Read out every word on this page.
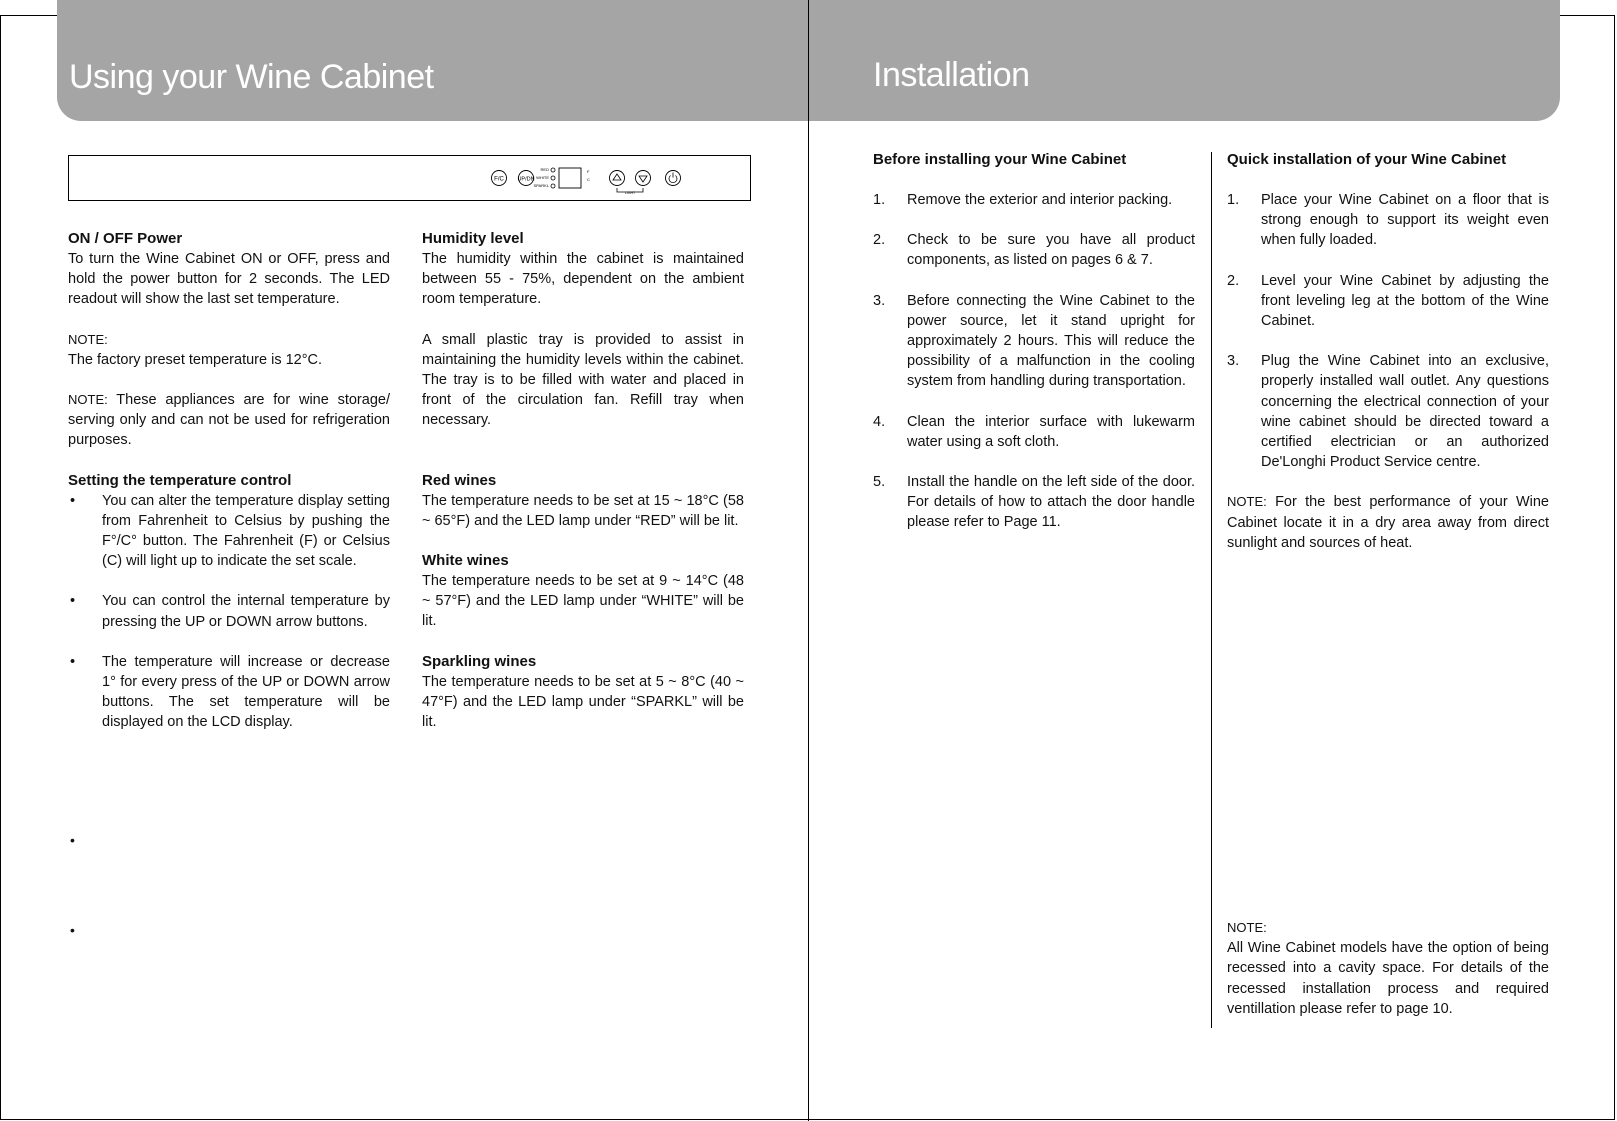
Using your Wine Cabinet
F/C UP/DN
RED
WHITE
SPARKL
F
C
LIGHT
ON / OFF Power

To turn the Wine Cabinet ON or OFF, press and hold the power button for 2 seconds. The LED readout will show the last set temperature.

NOTE:

The factory preset temperature is 12°C.

NOTE: These appliances are for wine storage/ serving only and can not be used for refrigeration purposes.

Setting the temperature control
• You can alter the temperature display setting from Fahrenheit to Celsius by pushing the F°/C° button. The Fahrenheit (F) or Celsius (C) will light up to indicate the set scale.
• You can control the internal temperature by pressing the UP or DOWN arrow buttons.
• The temperature will increase or decrease 1° for every press of the UP or DOWN arrow buttons. The set temperature will be displayed on the LCD display.
•
•
Humidity level

The humidity within the cabinet is maintained between 55 - 75%, dependent on the ambient room temperature.

A small plastic tray is provided to assist in maintaining the humidity levels within the cabinet. The tray is to be filled with water and placed in front of the circulation fan. Refill tray when necessary.

Red wines

The temperature needs to be set at 15 ~ 18°C (58 ~ 65°F) and the LED lamp under “RED” will be lit.

White wines

The temperature needs to be set at 9 ~ 14°C (48 ~ 57°F) and the LED lamp under “WHITE” will be lit.

Sparkling wines

The temperature needs to be set at 5 ~ 8°C (40 ~ 47°F) and the LED lamp under “SPARKL” will be lit.

Installation
Before installing your Wine Cabinet
1. Remove the exterior and interior packing.
2. Check to be sure you have all product components, as listed on pages 6 & 7.
3. Before connecting the Wine Cabinet to the power source, let it stand upright for approximately 2 hours. This will reduce the possibility of a malfunction in the cooling system from handling during transportation.
4. Clean the interior surface with lukewarm water using a soft cloth.
5. Install the handle on the left side of the door. For details of how to attach the door handle please refer to Page 11.
Quick installation of your Wine Cabinet
1. Place your Wine Cabinet on a floor that is strong enough to support its weight even when fully loaded.
2. Level your Wine Cabinet by adjusting the front leveling leg at the bottom of the Wine Cabinet.
3. Plug the Wine Cabinet into an exclusive, properly installed wall outlet. Any questions concerning the electrical connection of your wine cabinet should be directed toward a certified electrician or an authorized De'Longhi Product Service centre.

NOTE: For the best performance of your Wine Cabinet locate it in a dry area away from direct sunlight and sources of heat.

NOTE:

All Wine Cabinet models have the option of being recessed into a cavity space. For details of the recessed installation process and required ventillation please refer to page 10.
